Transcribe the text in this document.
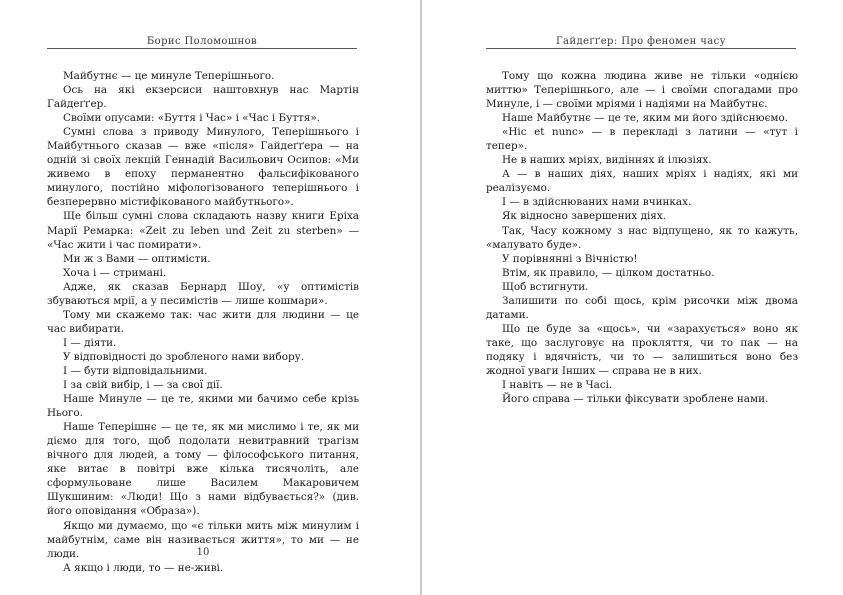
Борис Поломошнов

Майбутнє — це минуле Теперішнього.

Ось на які екзерсиси наштовхнув нас Мартін Гайдеґґер.

Своїми опусами: «Буття і Час» і «Час і Буття».

Сумні слова з приводу Минулого, Теперішнього і Майбутнього сказав — вже «після» Гайдеґґера — на одній зі своїх лекцій Геннадій Васильович Осипов: «Ми живемо в епоху перманентно фальсифікованого минулого, постійно міфологізованого теперішнього і безперервно містифікованого майбутнього».

Ще більш сумні слова складають назву книги Еріха Марії Ремарка: «Zeit zu leben und Zeit zu sterben» — «Час жити і час помирати».

Ми ж з Вами — оптимісти.

Хоча і — стримані.

Адже, як сказав Бернард Шоу, «у оптимістів збуваються мрії, а у песимістів — лише кошмари».

Тому ми скажемо так: час жити для людини — це час вибирати.

І — діяти.

У відповідності до зробленого нами вибору.

І — бути відповідальними.

І за свій вибір, і — за свої дії.

Наше Минуле — це те, якими ми бачимо себе крізь Нього.

Наше Теперішнє — це те, як ми мислимо і те, як ми діємо для того, щоб подолати невитравний трагізм вічного для людей, а тому — філософського питання, яке витає в повітрі вже кілька тисячоліть, але сформульоване лише Василем Макаровичем Шукшиним: «Люди! Що з нами відбувається?» (див. його оповідання «Образа»).

Якщо ми думаємо, що «є тільки мить між минулим і майбутнім, саме він називається життя», то ми — не люди.

А якщо і люди, то — не-живі.

10
Гайдеґґер: Про феномен часу

Тому що кожна людина живе не тільки «однією миттю» Теперішнього, але — і своїми спогадами про Минуле, і — своїми мріями і надіями на Майбутнє.

Наше Майбутнє — це те, яким ми його здійснюємо.

«Hic et nunc» — в перекладі з латини — «тут і тепер».

Не в наших мріях, видіннях й ілюзіях.

А — в наших діях, наших мріях і надіях, які ми реалізуємо.

І — в здійснюваних нами вчинках.

Як відносно завершених діях.

Так, Часу кожному з нас відпущено, як то кажуть, «малувато буде».

У порівнянні з Вічністю!

Втім, як правило, — цілком достатньо.

Щоб встигнути.

Залишити по собі щось, крім рисочки між двома датами.

Що це буде за «щось», чи «зарахується» воно як таке, що заслуговує на прокляття, чи то пак — на подяку і вдячність, чи то — залишиться воно без жодної уваги Інших — справа не в них.

І навіть — не в Часі.

Його справа — тільки фіксувати зроблене нами.
